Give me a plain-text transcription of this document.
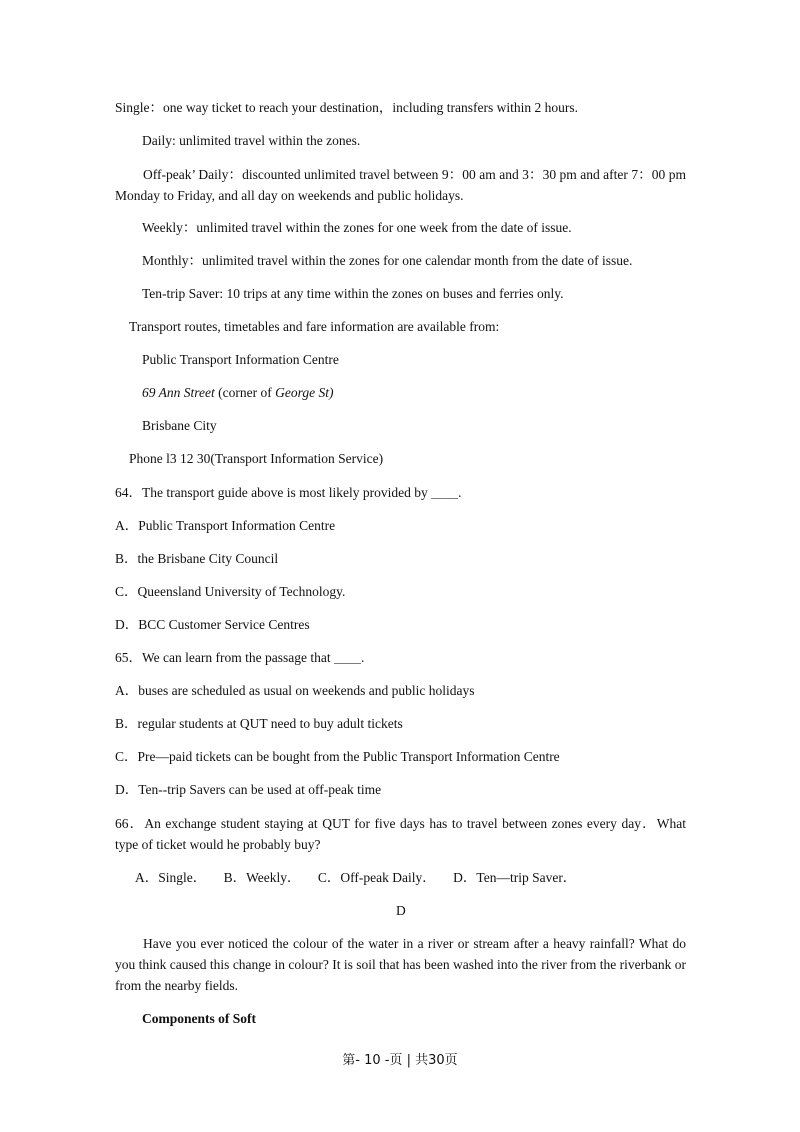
Single：one way ticket to reach your destination，including transfers within 2 hours.
Daily: unlimited travel within the zones.
Off-peak’ Daily：discounted unlimited travel between 9：00 am and 3：30 pm and after 7：00 pm Monday to Friday, and all day on weekends and public holidays.
Weekly：unlimited travel within the zones for one week from the date of issue.
Monthly：unlimited travel within the zones for one calendar month from the date of issue.
Ten-trip Saver: 10 trips at any time within the zones on buses and ferries only.
Transport routes, timetables and fare information are available from:
Public Transport Information Centre
69 Ann Street (corner of George St)
Brisbane City
Phone l3 12 30(Transport Information Service)
64．The transport guide above is most likely provided by ＿＿.
A．Public Transport Information Centre
B．the Brisbane City Council
C．Queensland University of Technology.
D．BCC Customer Service Centres
65．We can learn from the passage that ＿＿.
A．buses are scheduled as usual on weekends and public holidays
B．regular students at QUT need to buy adult tickets
C．Pre—paid tickets can be bought from the Public Transport Information Centre
D．Ten--trip Savers can be used at off-peak time
66．An exchange student staying at QUT for five days has to travel between zones every day．What type of ticket would he probably buy?
A．Single． B．Weekly． C．Off-peak Daily． D．Ten—trip Saver．
D
Have you ever noticed the colour of the water in a river or stream after a heavy rainfall? What do you think caused this change in colour? It is soil that has been washed into the river from the riverbank or from the nearby fields.
Components of Soft
第- 10 -页 | 共30页
